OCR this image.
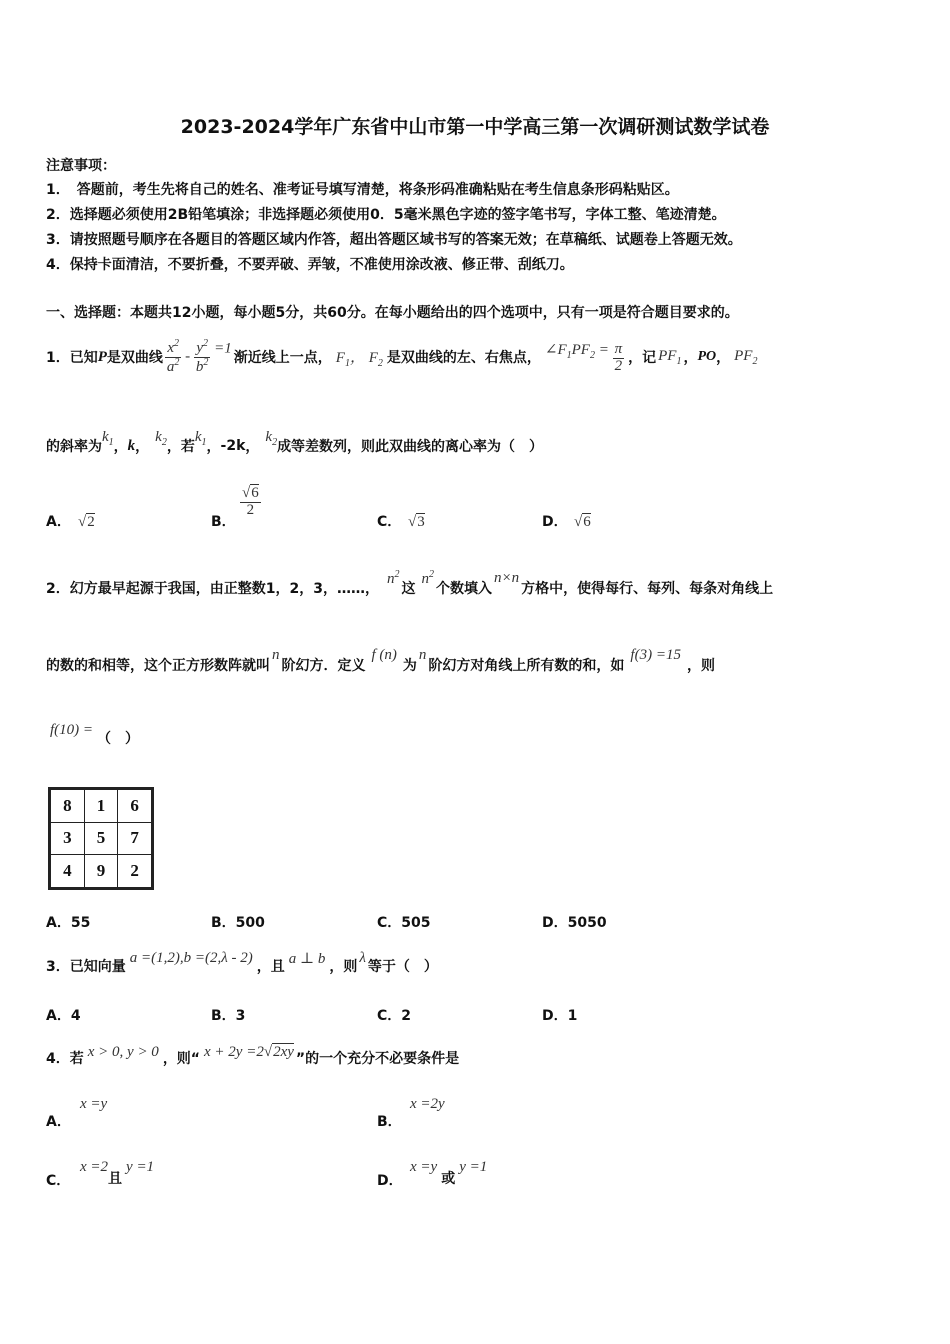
2023-2024学年广东省中山市第一中学高三第一次调研测试数学试卷
注意事项：
1．　答题前，考生先将自己的姓名、准考证号填写清楚，将条形码准确粘贴在考生信息条形码粘贴区。
2．选择题必须使用2B铅笔填涂；非选择题必须使用0．5毫米黑色字迹的签字笔书写，字体工整、笔迹清楚。
3．请按照题号顺序在各题目的答题区域内作答，超出答题区域书写的答案无效；在草稿纸、试题卷上答题无效。
4．保持卡面清洁，不要折叠，不要弄破、弄皱，不准使用涂改液、修正带、刮纸刀。
一、选择题：本题共12小题，每小题5分，共60分。在每小题给出的四个选项中，只有一项是符合题目要求的。
1．已知 P 是双曲线 $\frac{x^2}{a^2} - \frac{y^2}{b^2} =1$
渐近线上一点， $F_1$， $F_2$ 是双曲线的左、右焦点，
$\angle F_1PF_2 = \frac{\pi}{2}$ ，记 $PF_1$ ， PO ， $PF_2$
的斜率为
$k_1$ ， k ，
$k_2$ ，若
$k_1$ ， -2k ，
$k_2$ 成等差数列，则此双曲线的离心率为（　）
A． √2	B．
$\frac{√6}{2}$
C． √3	D． √6
2．幻方最早起源于我国，由正整数1，2，3，……，
$n^2$
这
$n^2$
个数填入
n×n
方格中，使得每行、每列、每条对角线上
的数的和相等，这个正方形数阵就叫
n
阶幻方．定义
f (n)
为
n
阶幻方对角线上所有数的和，如
f(3) =15
，则
f(10) =
（　）
8	1	6
3	5	7
4	9	2
A．55	B．500	C．505	D．5050
3．已知向量
a =(1,2),b =(2,λ - 2)
，且
a ⊥ b
，则
λ
等于（　）
A．4	B．3	C．2	D．1
4．若 x > 0, y > 0 ，则“ x + 2y =2√2xy ”的一个充分不必要条件是
A．
x =y
B．
x =2y
C．
x =2且y =1
D．
x =y或y =1
